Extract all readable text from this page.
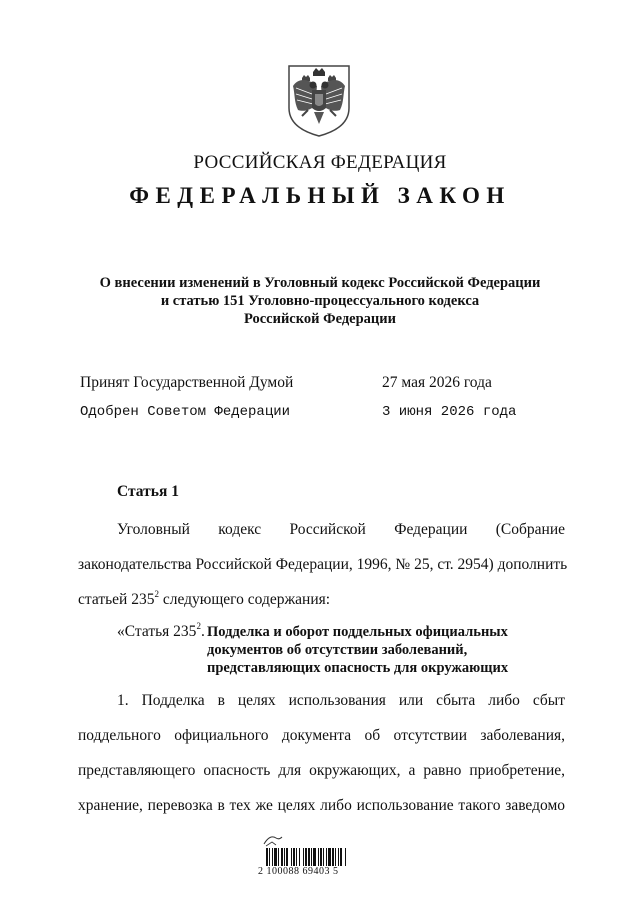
РОССИЙСКАЯ ФЕДЕРАЦИЯ
ФЕДЕРАЛЬНЫЙ ЗАКОН
О внесении изменений в Уголовный кодекс Российской Федерации
и статью 151 Уголовно-процессуального кодекса
Российской Федерации
Принят Государственной Думой	27 мая 2026 года
Одобрен Советом Федерации	3 июня 2026 года
Статья 1
Уголовный кодекс Российской Федерации (Собрание
законодательства Российской Федерации, 1996, № 25, ст. 2954) дополнить
статьей $235^2$ следующего содержания:
«Статья $235^2$. Подделка и оборот поддельных официальных
документов об отсутствии заболеваний,
представляющих опасность для окружающих
1. Подделка в целях использования или сбыта либо сбыт
поддельного официального документа об отсутствии заболевания,
представляющего опасность для окружающих, а равно приобретение,
хранение, перевозка в тех же целях либо использование такого заведомо
2 100088 69403 5
